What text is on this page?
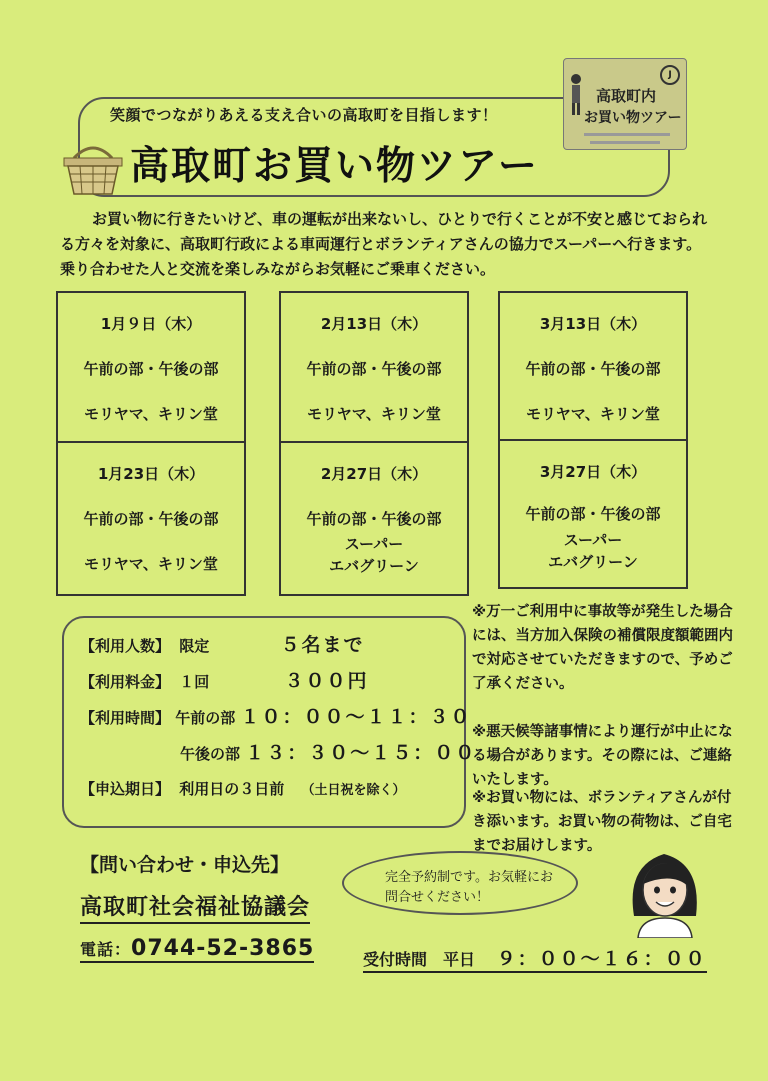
笑顔でつながりあえる支え合いの高取町を目指します！
高取町お買い物ツアー
J
高取町内
お買い物ツアー
お買い物に行きたいけど、車の運転が出来ないし、ひとりで行くことが不安と感じておられる方々を対象に、高取町行政による車両運行とボランティアさんの協力でスーパーへ行きます。乗り合わせた人と交流を楽しみながらお気軽にご乗車ください。
1月９日（木）
午前の部・午後の部
モリヤマ、キリン堂
2月13日（木）
午前の部・午後の部
モリヤマ、キリン堂
3月13日（木）
午前の部・午後の部
モリヤマ、キリン堂
1月23日（木）
午前の部・午後の部
モリヤマ、キリン堂
2月27日（木）
午前の部・午後の部
スーパー
エバグリーン
3月27日（木）
午前の部・午後の部
スーパー
エバグリーン
【利用人数】 限定	５名まで
【利用料金】 １回	３００円
【利用時間】 午前の部 １０：００～１１：３０
午後の部 １３：３０～１５：００
【申込期日】 利用日の３日前 （土日祝を除く）
※万一ご利用中に事故等が発生した場合には、当方加入保険の補償限度額範囲内で対応させていただきますので、予めご了承ください。
※悪天候等諸事情により運行が中止になる場合があります。その際には、ご連絡いたします。
※お買い物には、ボランティアさんが付き添います。お買い物の荷物は、ご自宅までお届けします。
【問い合わせ・申込先】
高取町社会福祉協議会
電話：0744-52-3865
完全予約制です。お気軽にお問合せください！
受付時間　平日 ９：００～１６：００
